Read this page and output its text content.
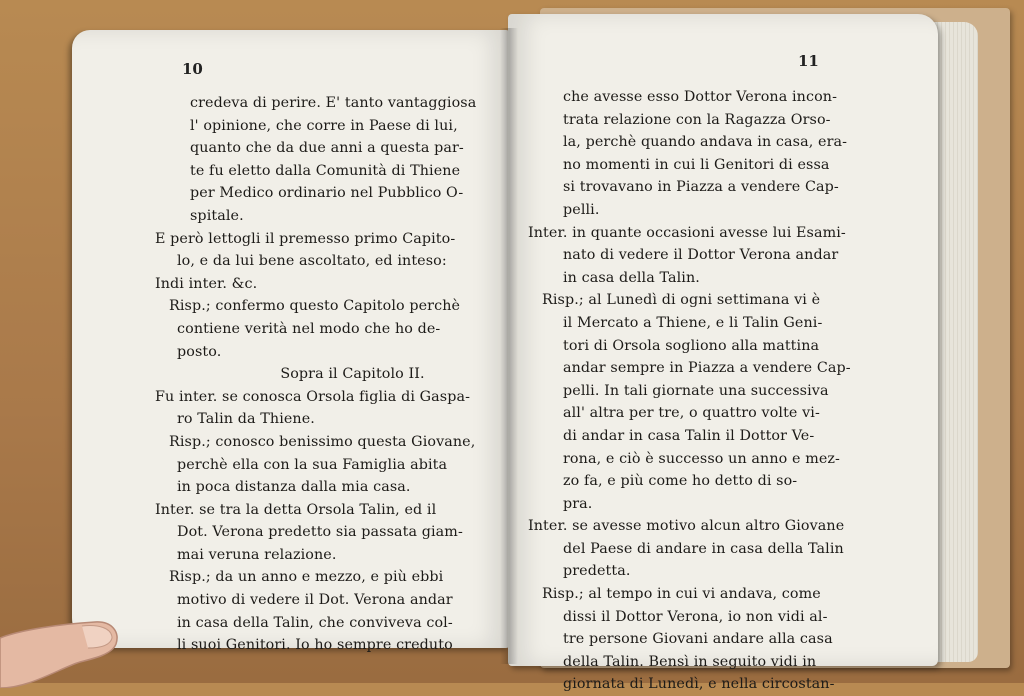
10
credeva di perire. E' tanto vantaggiosa
l' opinione, che corre in Paese di lui,
quanto che da due anni a questa par-
te fu eletto dalla Comunità di Thiene
per Medico ordinario nel Pubblico O-
spitale.
E però lettogli il premesso primo Capito-
lo, e da lui bene ascoltato, ed inteso:
Indi inter. &c.
Risp.; confermo questo Capitolo perchè
contiene verità nel modo che ho de-
posto.
Sopra il Capitolo II.
Fu inter. se conosca Orsola figlia di Gaspa-
ro Talin da Thiene.
Risp.; conosco benissimo questa Giovane,
perchè ella con la sua Famiglia abita
in poca distanza dalla mia casa.
Inter. se tra la detta Orsola Talin, ed il
Dot. Verona predetto sia passata giam-
mai veruna relazione.
Risp.; da un anno e mezzo, e più ebbi
motivo di vedere il Dot. Verona andar
in casa della Talin, che conviveva col-
li suoi Genitori. Io ho sempre creduto
11
che avesse esso Dottor Verona incon-
trata relazione con la Ragazza Orso-
la, perchè quando andava in casa, era-
no momenti in cui li Genitori di essa
si trovavano in Piazza a vendere Cap-
pelli.
Inter. in quante occasioni avesse lui Esami-
nato di vedere il Dottor Verona andar
in casa della Talin.
Risp.; al Lunedì di ogni settimana vi è
il Mercato a Thiene, e li Talin Geni-
tori di Orsola sogliono alla mattina
andar sempre in Piazza a vendere Cap-
pelli. In tali giornate una successiva
all' altra per tre, o quattro volte vi-
di andar in casa Talin il Dottor Ve-
rona, e ciò è successo un anno e mez-
zo fa, e più come ho detto di so-
pra.
Inter. se avesse motivo alcun altro Giovane
del Paese di andare in casa della Talin
predetta.
Risp.; al tempo in cui vi andava, come
dissi il Dottor Verona, io non vidi al-
tre persone Giovani andare alla casa
della Talin. Bensì in seguito vidi in
giornata di Lunedì, e nella circostan-
